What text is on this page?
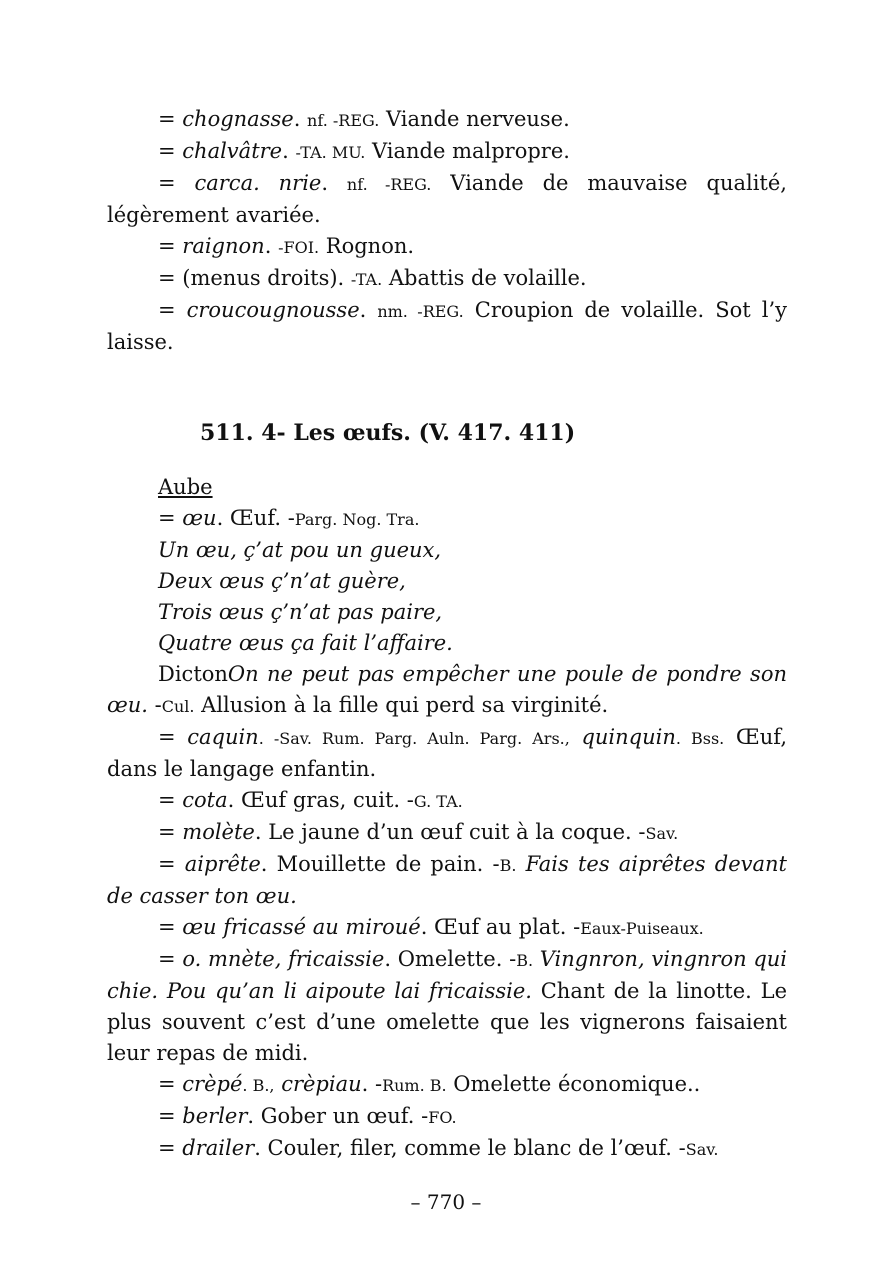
= chognasse. nf. -REG. Viande nerveuse.

= chalvâtre. -TA. MU. Viande malpropre.

= carca. nrie. nf. -REG. Viande de mauvaise qualité, légèrement avariée.

= raignon. -FOI. Rognon.

= (menus droits). -TA. Abattis de volaille.

= croucougnousse. nm. -REG. Croupion de volaille. Sot l’y laisse.

511. 4- Les œufs. (V. 417. 411)

Aube

= œu. Œuf. -Parg. Nog. Tra.

Un œu, ç’at pou un gueux,

Deux œus ç’n’at guère,

Trois œus ç’n’at pas paire,

Quatre œus ça fait l’affaire.

DictonOn ne peut pas empêcher une poule de pondre son œu. -Cul. Allusion à la fille qui perd sa virginité.

= caquin. -Sav. Rum. Parg. Auln. Parg. Ars., quinquin. Bss. Œuf, dans le langage enfantin.

= cota. Œuf gras, cuit. -G. TA.

= molète. Le jaune d’un œuf cuit à la coque. -Sav.

= aiprête. Mouillette de pain. -B. Fais tes aiprêtes devant de casser ton œu.

= œu fricassé au miroué. Œuf au plat. -Eaux-Puiseaux.

= o. mnète, fricaissie. Omelette. -B. Vingnron, vingnron qui chie. Pou qu’an li aipoute lai fricaissie. Chant de la linotte. Le plus souvent c’est d’une omelette que les vignerons faisaient leur repas de midi.

= crèpé. B., crèpiau. -Rum. B. Omelette économique..

= berler. Gober un œuf. -FO.

= drailer. Couler, filer, comme le blanc de l’œuf. -Sav.

– 770 –
